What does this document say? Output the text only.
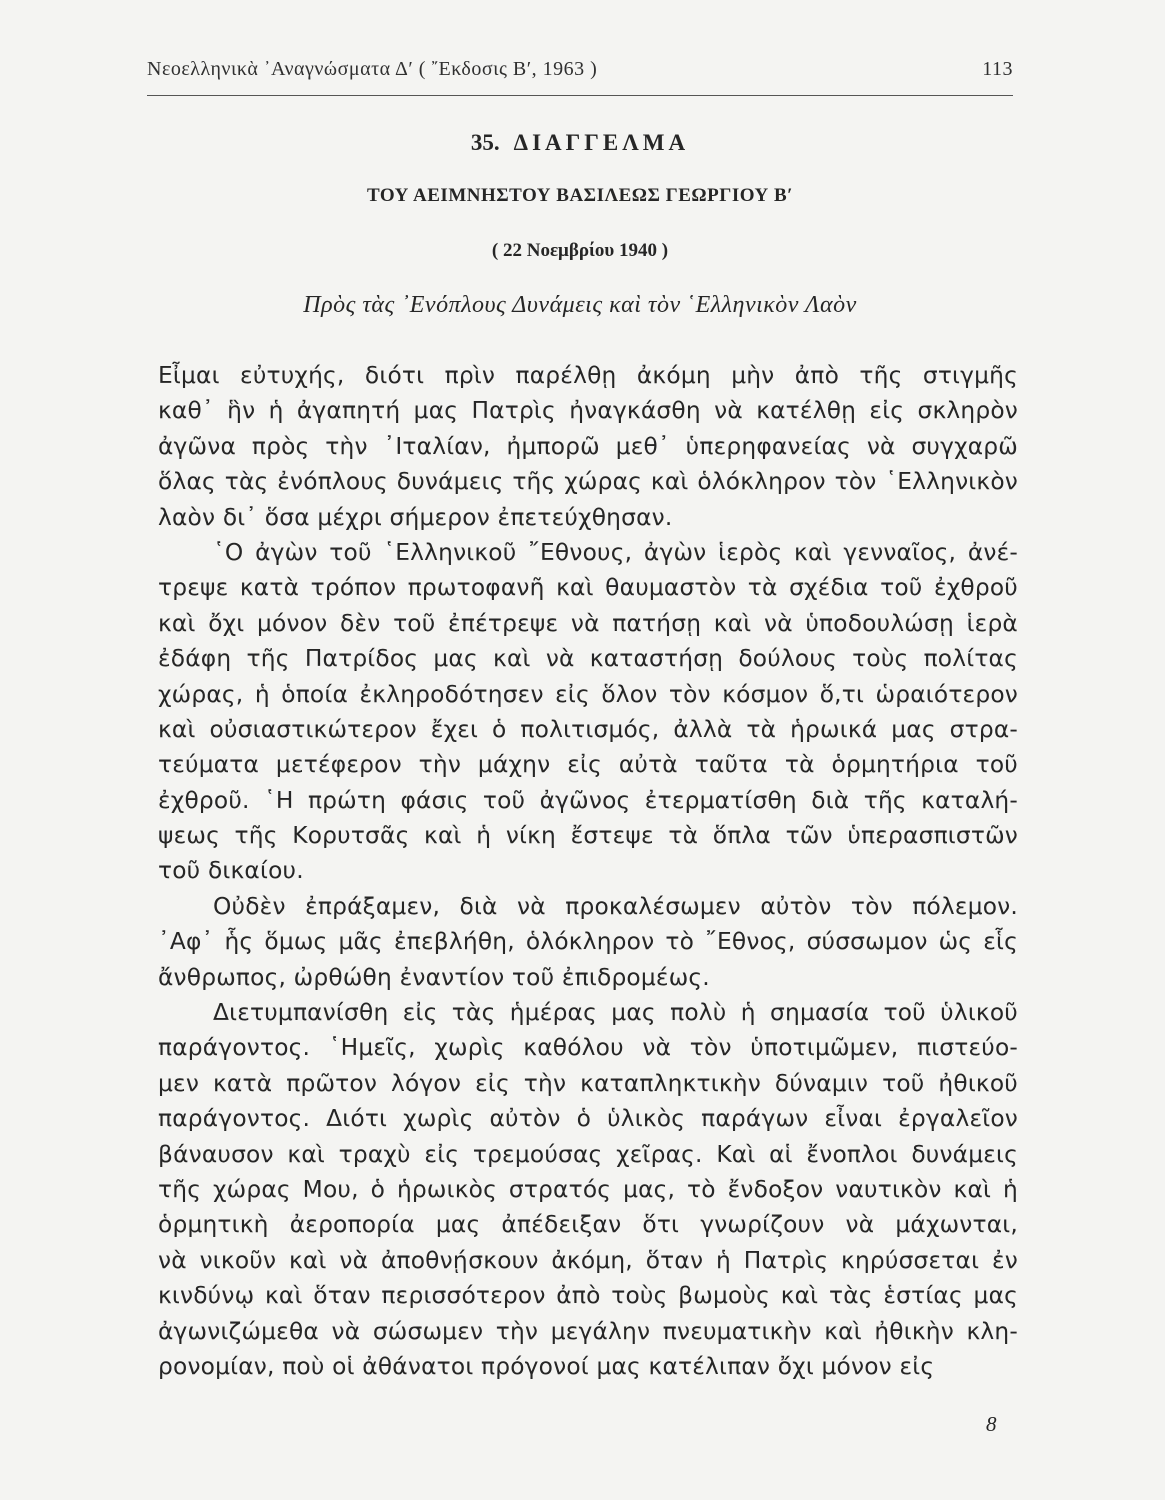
Νεοελληνικὰ ᾿Αναγνώσματα Δ′ ( ῎Εκδοσις Β′, 1963 )	113
35. ΔΙΑΓΓΕΛΜΑ
ΤΟΥ ΑΕΙΜΝΗΣΤΟΥ ΒΑΣΙΛΕΩΣ ΓΕΩΡΓΙΟΥ Β′
( 22 Νοεμβρίου 1940 )
Πρὸς τὰς ᾿Ενόπλους Δυνάμεις καὶ τὸν ῾Ελληνικὸν Λαὸν
Εἶμαι εὐτυχής, διότι πρὶν παρέλθῃ ἀκόμη μὴν ἀπὸ τῆς στιγμῆς
καθ᾿ ἣν ἡ ἀγαπητή μας Πατρὶς ἠναγκάσθη νὰ κατέλθῃ εἰς σκληρὸν
ἀγῶνα πρὸς τὴν ᾿Ιταλίαν, ἠμπορῶ μεθ᾿ ὑπερηφανείας νὰ συγχαρῶ
ὅλας τὰς ἐνόπλους δυνάμεις τῆς χώρας καὶ ὁλόκληρον τὸν ῾Ελληνικὸν
λαὸν δι᾿ ὅσα μέχρι σήμερον ἐπετεύχθησαν.
῾Ο ἀγὼν τοῦ ῾Ελληνικοῦ ῎Εθνους, ἀγὼν ἱερὸς καὶ γενναῖος, ἀνέ-
τρεψε κατὰ τρόπον πρωτοφανῆ καὶ θαυμαστὸν τὰ σχέδια τοῦ ἐχθροῦ
καὶ ὄχι μόνον δὲν τοῦ ἐπέτρεψε νὰ πατήσῃ καὶ νὰ ὑποδουλώσῃ ἱερὰ
ἐδάφη τῆς Πατρίδος μας καὶ νὰ καταστήσῃ δούλους τοὺς πολίτας
χώρας, ἡ ὁποία ἐκληροδότησεν εἰς ὅλον τὸν κόσμον ὅ,τι ὡραιότερον
καὶ οὐσιαστικώτερον ἔχει ὁ πολιτισμός, ἀλλὰ τὰ ἡρωικά μας στρα-
τεύματα μετέφερον τὴν μάχην εἰς αὐτὰ ταῦτα τὰ ὁρμητήρια τοῦ
ἐχθροῦ. ῾Η πρώτη φάσις τοῦ ἀγῶνος ἐτερματίσθη διὰ τῆς καταλή-
ψεως τῆς Κορυτσᾶς καὶ ἡ νίκη ἔστεψε τὰ ὅπλα τῶν ὑπερασπιστῶν
τοῦ δικαίου.
Οὐδὲν ἐπράξαμεν, διὰ νὰ προκαλέσωμεν αὐτὸν τὸν πόλεμον.
᾿Αφ᾿ ἧς ὅμως μᾶς ἐπεβλήθη, ὁλόκληρον τὸ ῎Εθνος, σύσσωμον ὡς εἷς
ἄνθρωπος, ὠρθώθη ἐναντίον τοῦ ἐπιδρομέως.
Διετυμπανίσθη εἰς τὰς ἡμέρας μας πολὺ ἡ σημασία τοῦ ὑλικοῦ
παράγοντος. ῾Ημεῖς, χωρὶς καθόλου νὰ τὸν ὑποτιμῶμεν, πιστεύο-
μεν κατὰ πρῶτον λόγον εἰς τὴν καταπληκτικὴν δύναμιν τοῦ ἠθικοῦ
παράγοντος. Διότι χωρὶς αὐτὸν ὁ ὑλικὸς παράγων εἶναι ἐργαλεῖον
βάναυσον καὶ τραχὺ εἰς τρεμούσας χεῖρας. Καὶ αἱ ἔνοπλοι δυνάμεις
τῆς χώρας Μου, ὁ ἡρωικὸς στρατός μας, τὸ ἔνδοξον ναυτικὸν καὶ ἡ
ὁρμητικὴ ἀεροπορία μας ἀπέδειξαν ὅτι γνωρίζουν νὰ μάχωνται,
νὰ νικοῦν καὶ νὰ ἀποθνῄσκουν ἀκόμη, ὅταν ἡ Πατρὶς κηρύσσεται ἐν
κινδύνῳ καὶ ὅταν περισσότερον ἀπὸ τοὺς βωμοὺς καὶ τὰς ἑστίας μας
ἀγωνιζώμεθα νὰ σώσωμεν τὴν μεγάλην πνευματικὴν καὶ ἠθικὴν κλη-
ρονομίαν, ποὺ οἱ ἀθάνατοι πρόγονοί μας κατέλιπαν ὄχι μόνον εἰς
8
